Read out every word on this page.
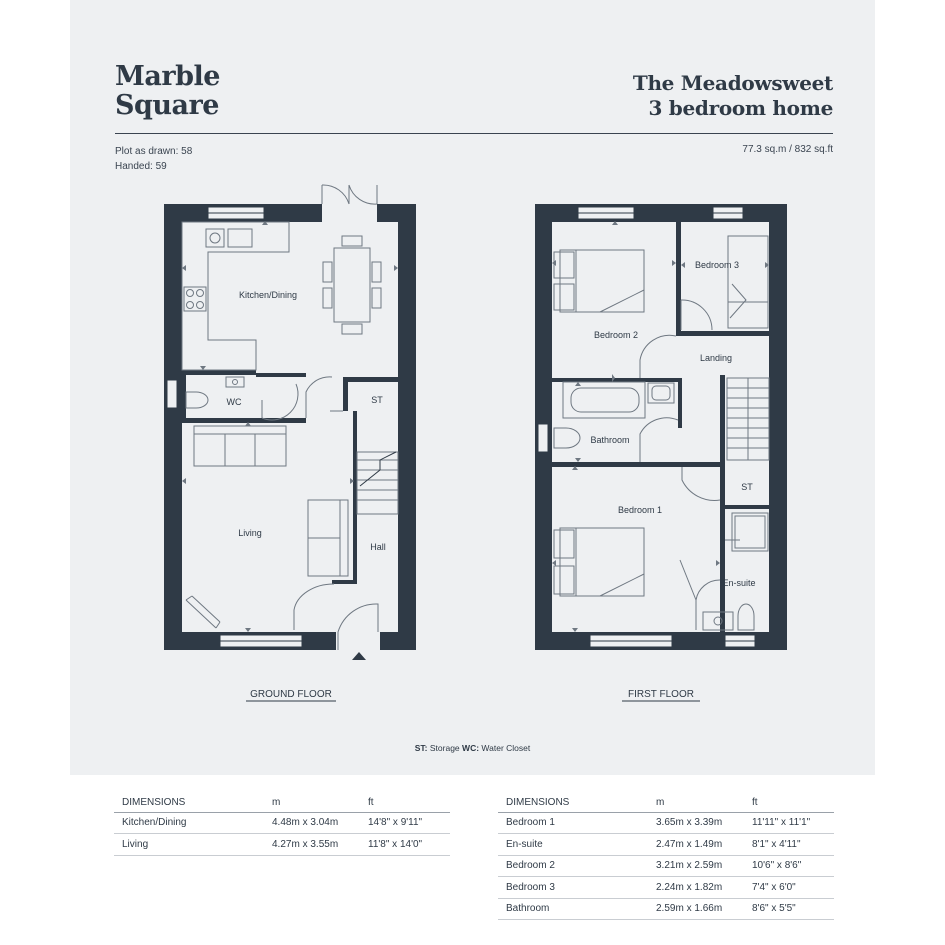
Marble
Square
The Meadowsweet
3 bedroom home
Plot as drawn: 58
Handed: 59
77.3 sq.m / 832 sq.ft
Kitchen/Dining
WC	ST
Living
Hall
GROUND FLOOR
Bedroom 2
Bedroom 3
Landing
Bathroom
ST
Bedroom 1
En-suite
FIRST FLOOR
ST: Storage WC: Water Closet
DIMENSIONS	m	ft
Kitchen/Dining	4.48m x 3.04m	14'8" x 9'11"
Living	4.27m x 3.55m	11'8" x 14'0"
DIMENSIONS	m	ft
Bedroom 1	3.65m x 3.39m	11'11" x 11'1"
En-suite	2.47m x 1.49m	8'1" x 4'11"
Bedroom 2	3.21m x 2.59m	10'6" x 8'6"
Bedroom 3	2.24m x 1.82m	7'4" x 6'0"
Bathroom	2.59m x 1.66m	8'6" x 5'5"
